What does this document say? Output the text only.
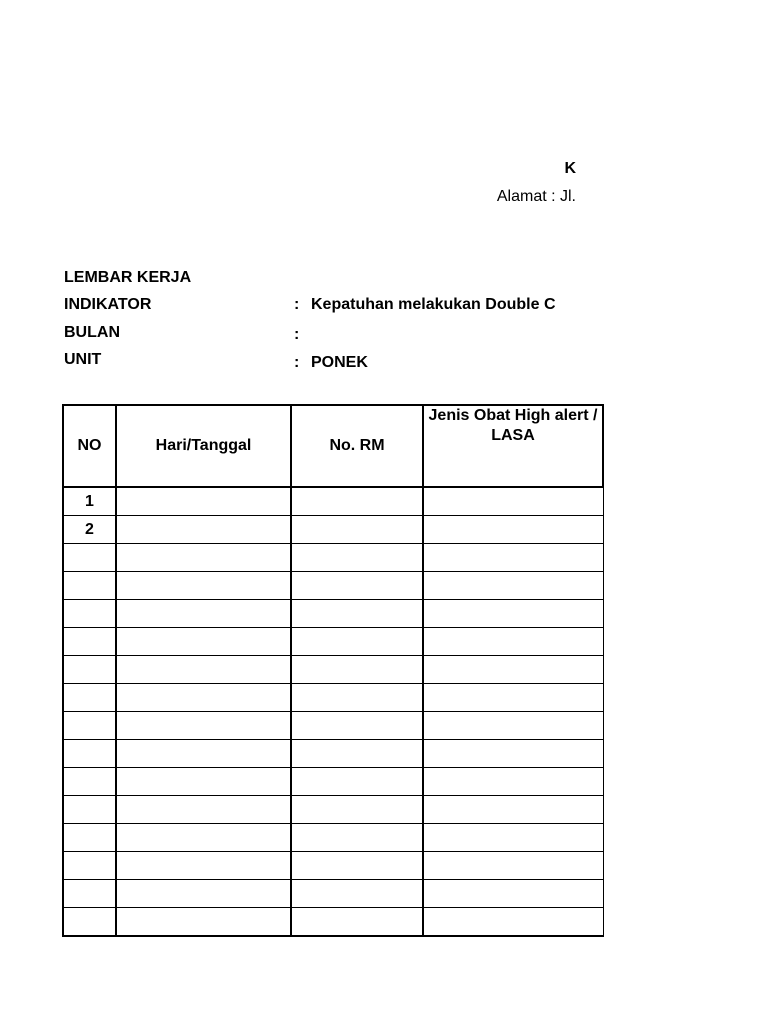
K
Alamat : Jl.
LEMBAR KERJA
INDIKATOR	: Kepatuhan melakukan Double C
BULAN	:
UNIT	: PONEK
NO	Hari/Tanggal	No. RM	Jenis Obat High alert / LASA
1			
2			
